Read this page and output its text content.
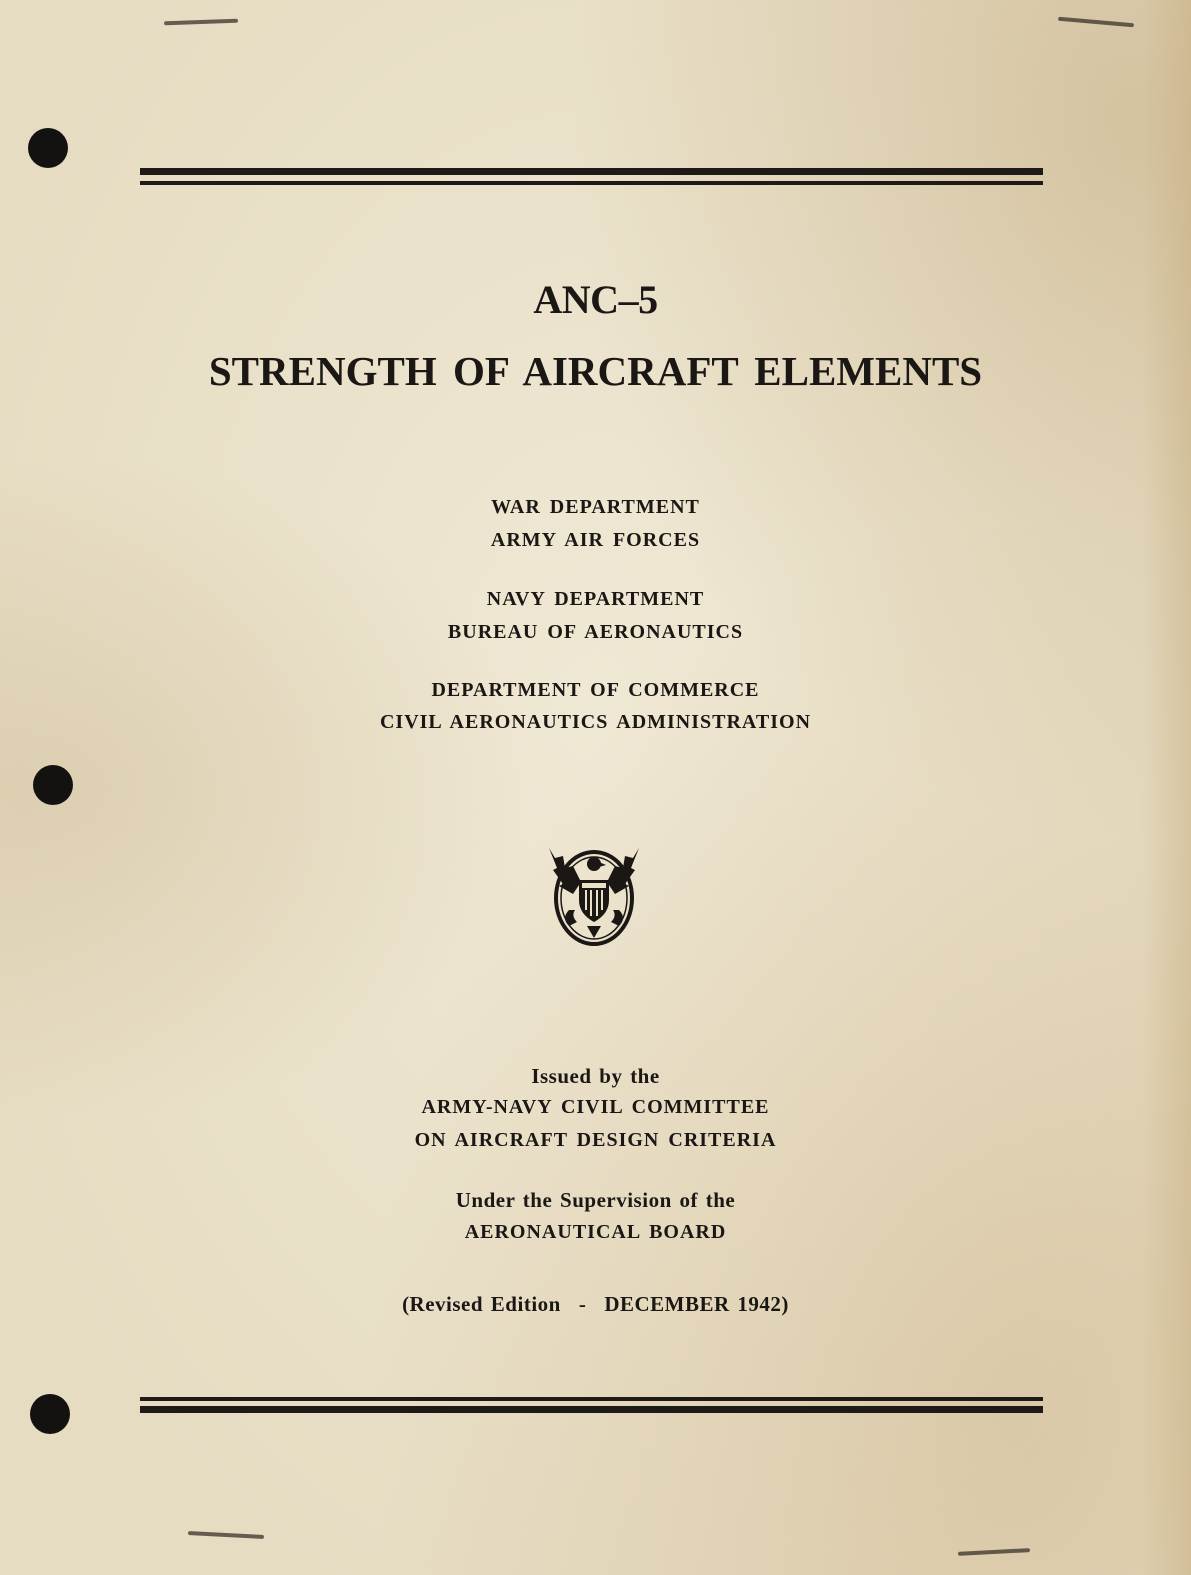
ANC–5
STRENGTH OF AIRCRAFT ELEMENTS
WAR DEPARTMENT
ARMY AIR FORCES
NAVY DEPARTMENT
BUREAU OF AERONAUTICS
DEPARTMENT OF COMMERCE
CIVIL AERONAUTICS ADMINISTRATION
Issued by the
ARMY-NAVY CIVIL COMMITTEE
ON AIRCRAFT DESIGN CRITERIA
Under the Supervision of the
AERONAUTICAL BOARD
(Revised Edition - DECEMBER 1942)
